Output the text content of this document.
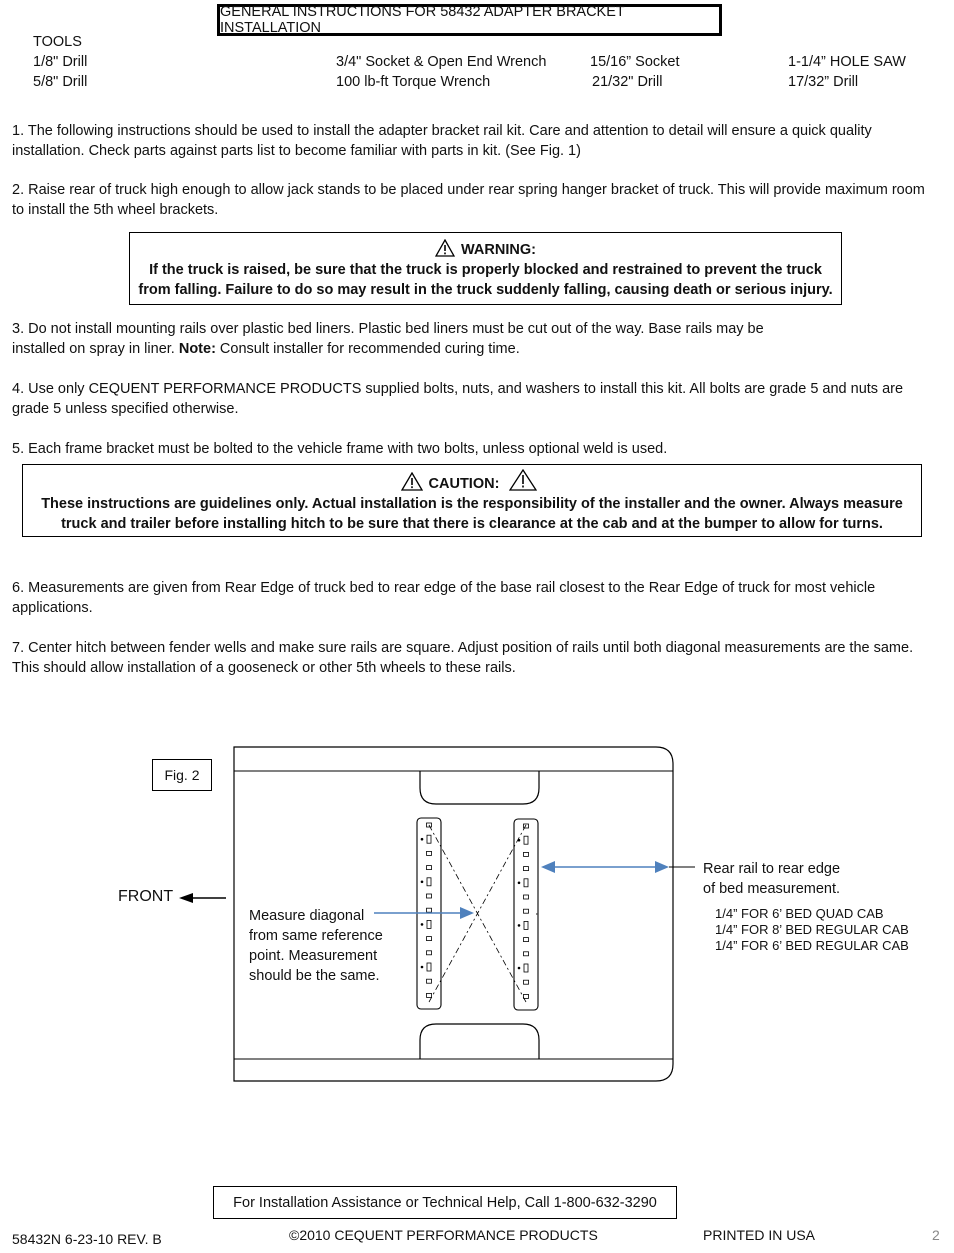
GENERAL INSTRUCTIONS FOR 58432 ADAPTER BRACKET INSTALLATION
TOOLS
1/8" Drill	3/4" Socket & Open End Wrench	15/16” Socket	1-1/4” HOLE SAW
5/8" Drill	100 lb-ft Torque Wrench	21/32" Drill	17/32” Drill
1. The following instructions should be used to install the adapter bracket rail kit. Care and attention to detail will ensure a quick quality installation. Check parts against parts list to become familiar with parts in kit. (See Fig. 1)
2. Raise rear of truck high enough to allow jack stands to be placed under rear spring hanger bracket of truck. This will provide maximum room to install the 5th wheel brackets.
WARNING:
If the truck is raised, be sure that the truck is properly blocked and restrained to prevent the truck
from falling. Failure to do so may result in the truck suddenly falling, causing death or serious injury.
3. Do not install mounting rails over plastic bed liners. Plastic bed liners must be cut out of the way. Base rails may be installed on spray in liner. Note: Consult installer for recommended curing time.
4. Use only CEQUENT PERFORMANCE PRODUCTS supplied bolts, nuts, and washers to install this kit. All bolts are grade 5 and nuts are grade 5 unless specified otherwise.
5. Each frame bracket must be bolted to the vehicle frame with two bolts, unless optional weld is used.
CAUTION:
These instructions are guidelines only. Actual installation is the responsibility of the installer and the owner. Always measure
truck and trailer before installing hitch to be sure that there is clearance at the cab and at the bumper to allow for turns.
6. Measurements are given from Rear Edge of truck bed to rear edge of the base rail closest to the Rear Edge of truck for most vehicle applications.
7. Center hitch between fender wells and make sure rails are square. Adjust position of rails until both diagonal measurements are the same. This should allow installation of a gooseneck or other 5th wheels to these rails.
Fig. 2
FRONT
Measure diagonal
from same reference
point. Measurement
should be the same.
Rear rail to rear edge
of bed measurement.
1/4” FOR 6’ BED QUAD CAB
1/4” FOR 8’ BED REGULAR CAB
1/4” FOR 6’ BED REGULAR CAB
For Installation Assistance or Technical Help, Call 1-800-632-3290
58432N 6-23-10 REV. B	©2010 CEQUENT PERFORMANCE PRODUCTS	PRINTED IN USA	2
